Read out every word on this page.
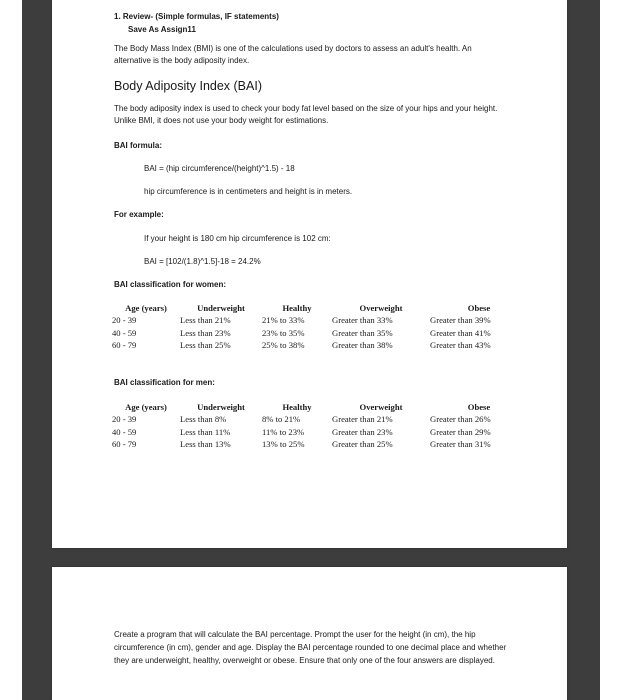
1. Review- (Simple formulas, IF statements)
Save As Assign11
The Body Mass Index (BMI) is one of the calculations used by doctors to assess an adult's health. An alternative is the body adiposity index.
Body Adiposity Index (BAI)
The body adiposity index is used to check your body fat level based on the size of your hips and your height. Unlike BMI, it does not use your body weight for estimations.
BAI formula:
BAI = (hip circumference/(height)^1.5) - 18
hip circumference is in centimeters and height is in meters.
For example:
If your height is 180 cm hip circumference is 102 cm:
BAI = [102/(1.8)^1.5]-18 = 24.2%
BAI classification for women:
Age (years)	Underweight	Healthy	Overweight	Obese
20 - 39	Less than 21%	21% to 33%	Greater than 33%	Greater than 39%
40 - 59	Less than 23%	23% to 35%	Greater than 35%	Greater than 41%
60 - 79	Less than 25%	25% to 38%	Greater than 38%	Greater than 43%
BAI classification for men:
Age (years)	Underweight	Healthy	Overweight	Obese
20 - 39	Less than 8%	8% to 21%	Greater than 21%	Greater than 26%
40 - 59	Less than 11%	11% to 23%	Greater than 23%	Greater than 29%
60 - 79	Less than 13%	13% to 25%	Greater than 25%	Greater than 31%
Create a program that will calculate the BAI percentage. Prompt the user for the height (in cm), the hip circumference (in cm), gender and age. Display the BAI percentage rounded to one decimal place and whether they are underweight, healthy, overweight or obese. Ensure that only one of the four answers are displayed.
